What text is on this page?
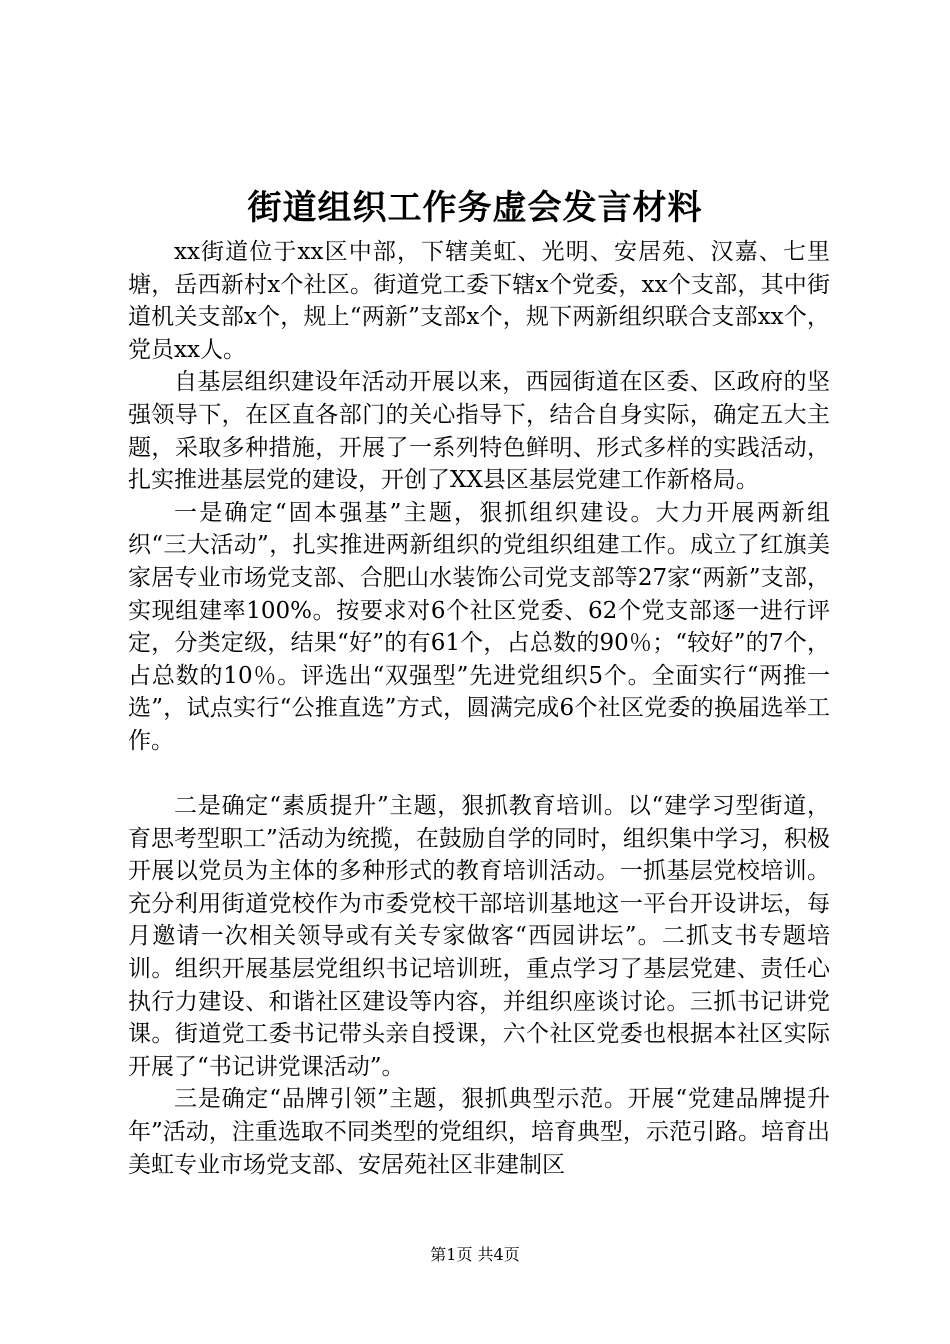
街道组织工作务虚会发言材料

xx街道位于xx区中部，下辖美虹、光明、安居苑、汉嘉、七里塘，岳西新村x个社区。街道党工委下辖x个党委，xx个支部，其中街道机关支部x个，规上“两新”支部x个，规下两新组织联合支部xx个，党员xx人。

自基层组织建设年活动开展以来，西园街道在区委、区政府的坚强领导下，在区直各部门的关心指导下，结合自身实际，确定五大主题，采取多种措施，开展了一系列特色鲜明、形式多样的实践活动，扎实推进基层党的建设，开创了XX县区基层党建工作新格局。

一是确定“固本强基”主题，狠抓组织建设。大力开展两新组织“三大活动”，扎实推进两新组织的党组织组建工作。成立了红旗美家居专业市场党支部、合肥山水装饰公司党支部等27家“两新”支部，实现组建率100%。按要求对6个社区党委、62个党支部逐一进行评定，分类定级，结果“好”的有61个，占总数的90％；“较好”的7个，占总数的10％。评选出“双强型”先进党组织5个。全面实行“两推一选”，试点实行“公推直选”方式，圆满完成6个社区党委的换届选举工作。

二是确定“素质提升”主题，狠抓教育培训。以“建学习型街道，育思考型职工”活动为统揽，在鼓励自学的同时，组织集中学习，积极开展以党员为主体的多种形式的教育培训活动。一抓基层党校培训。充分利用街道党校作为市委党校干部培训基地这一平台开设讲坛，每月邀请一次相关领导或有关专家做客“西园讲坛”。二抓支书专题培训。组织开展基层党组织书记培训班，重点学习了基层党建、责任心执行力建设、和谐社区建设等内容，并组织座谈讨论。三抓书记讲党课。街道党工委书记带头亲自授课，六个社区党委也根据本社区实际开展了“书记讲党课活动”。

三是确定“品牌引领”主题，狠抓典型示范。开展“党建品牌提升年”活动，注重选取不同类型的党组织，培育典型，示范引路。培育出美虹专业市场党支部、安居苑社区非建制区

第1页 共4页
